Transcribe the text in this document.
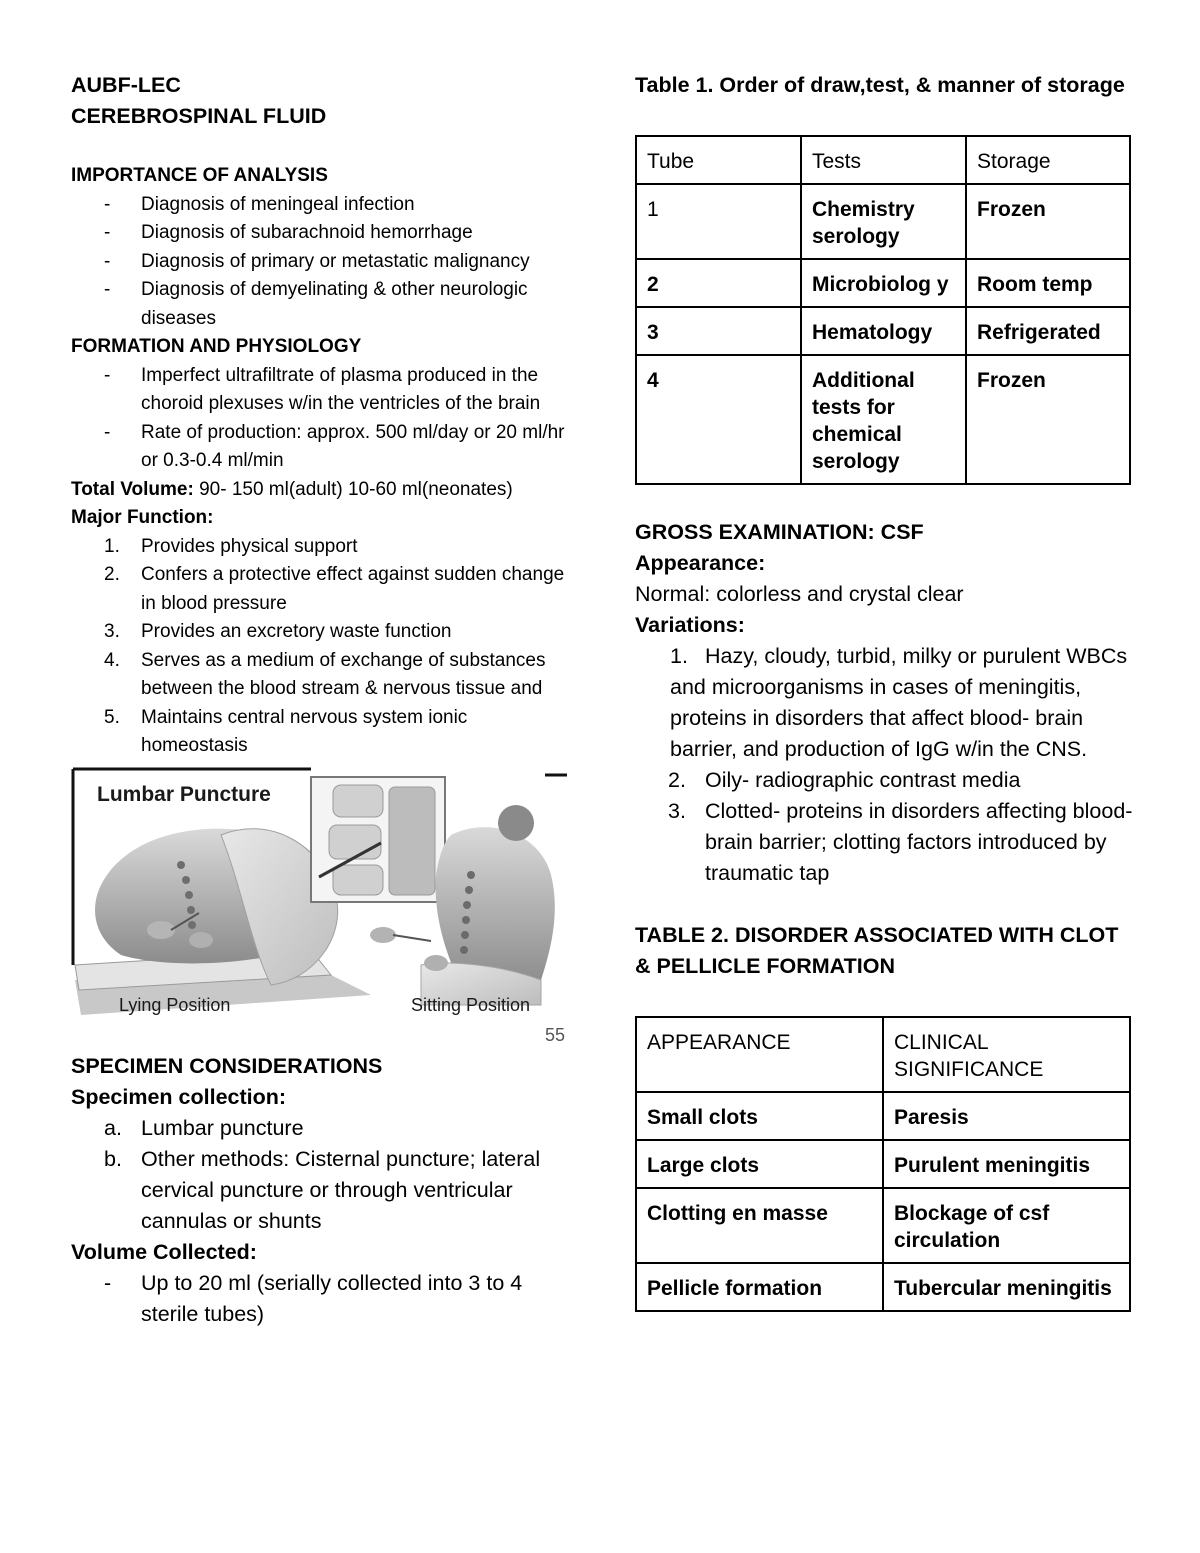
AUBF-LEC
CEREBROSPINAL FLUID
IMPORTANCE OF ANALYSIS
-	Diagnosis of meningeal infection
-	Diagnosis of subarachnoid hemorrhage
-	Diagnosis of primary or metastatic malignancy
-	Diagnosis of demyelinating & other neurologic diseases
FORMATION AND PHYSIOLOGY
-	Imperfect ultrafiltrate of plasma produced in the choroid plexuses w/in the ventricles of the brain
-	Rate of production: approx. 500 ml/day or 20 ml/hr or 0.3-0.4 ml/min
Total Volume: 90- 150 ml(adult) 10-60 ml(neonates)
Major Function:
1.	Provides physical support
2.	Confers a protective effect against sudden change in blood pressure
3.	Provides an excretory waste function
4.	Serves as a medium of exchange of substances between the blood stream & nervous tissue and
5.	Maintains central nervous system ionic homeostasis
Lumbar Puncture
Lying Position	Sitting Position
55
SPECIMEN CONSIDERATIONS
Specimen collection:
a. Lumbar puncture
b. Other methods: Cisternal puncture; lateral cervical puncture or through ventricular cannulas or shunts
Volume Collected:
-	Up to 20 ml (serially collected into 3 to 4 sterile tubes)
Table 1. Order of draw,test, & manner of storage
Tube	Tests	Storage
1	Chemistry serology	Frozen
2	Microbiolog y	Room temp
3	Hematology	Refrigerated
4	Additional tests for chemical serology	Frozen
GROSS EXAMINATION: CSF
Appearance:
Normal: colorless and crystal clear
Variations:
1. Hazy, cloudy, turbid, milky or purulent WBCs and microorganisms in cases of meningitis, proteins in disorders that affect blood- brain barrier, and production of IgG w/in the CNS.
2. Oily- radiographic contrast media
3. Clotted- proteins in disorders affecting blood-brain barrier; clotting factors introduced by traumatic tap
TABLE 2. DISORDER ASSOCIATED WITH CLOT & PELLICLE FORMATION
APPEARANCE	CLINICAL SIGNIFICANCE
Small clots	Paresis
Large clots	Purulent meningitis
Clotting en masse	Blockage of csf circulation
Pellicle formation	Tubercular meningitis
